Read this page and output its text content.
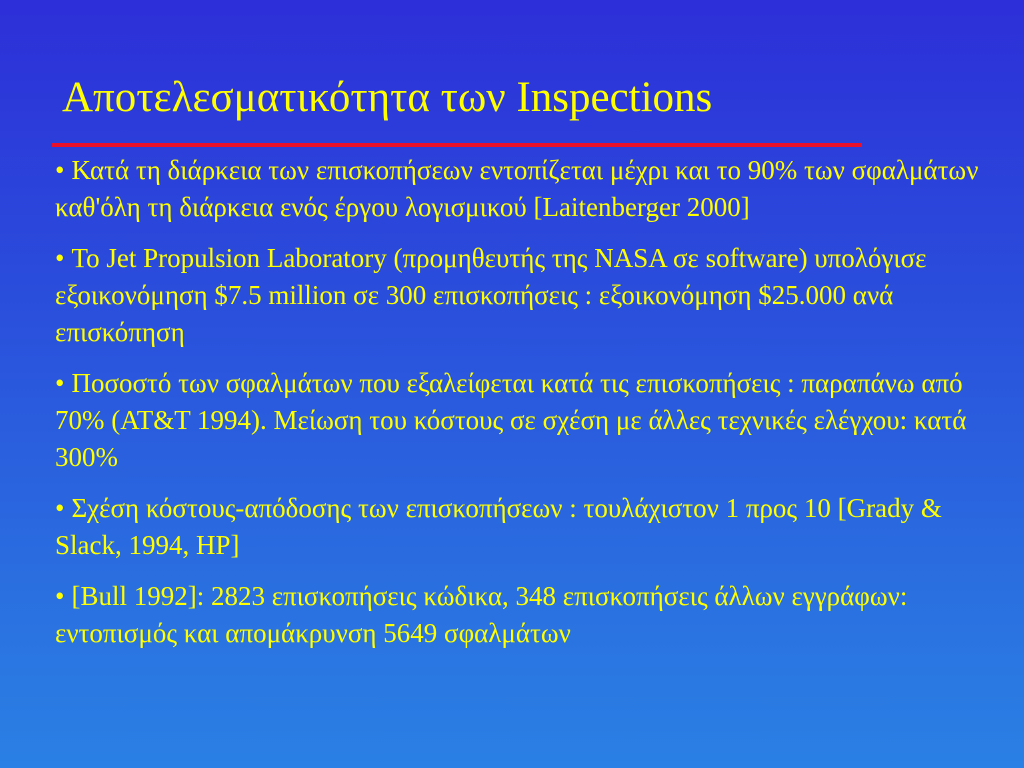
Αποτελεσματικότητα των Inspections
• Κατά τη διάρκεια των επισκοπήσεων εντοπίζεται μέχρι και το 90% των σφαλμάτων καθ'όλη τη διάρκεια ενός έργου λογισμικού [Laitenberger 2000]
• Το Jet Propulsion Laboratory (προμηθευτής της NASA σε software) υπολόγισε εξοικονόμηση $7.5 million σε 300 επισκοπήσεις : εξοικονόμηση $25.000 ανά επισκόπηση
• Ποσοστό των σφαλμάτων που εξαλείφεται κατά τις επισκοπήσεις : παραπάνω από 70% (AT&T 1994). Μείωση του κόστους σε σχέση με άλλες τεχνικές ελέγχου: κατά 300%
• Σχέση κόστους-απόδοσης των επισκοπήσεων : τουλάχιστον 1 προς 10 [Grady & Slack, 1994, HP]
• [Bull 1992]: 2823 επισκοπήσεις κώδικα, 348 επισκοπήσεις άλλων εγγράφων: εντοπισμός και απομάκρυνση 5649 σφαλμάτων
